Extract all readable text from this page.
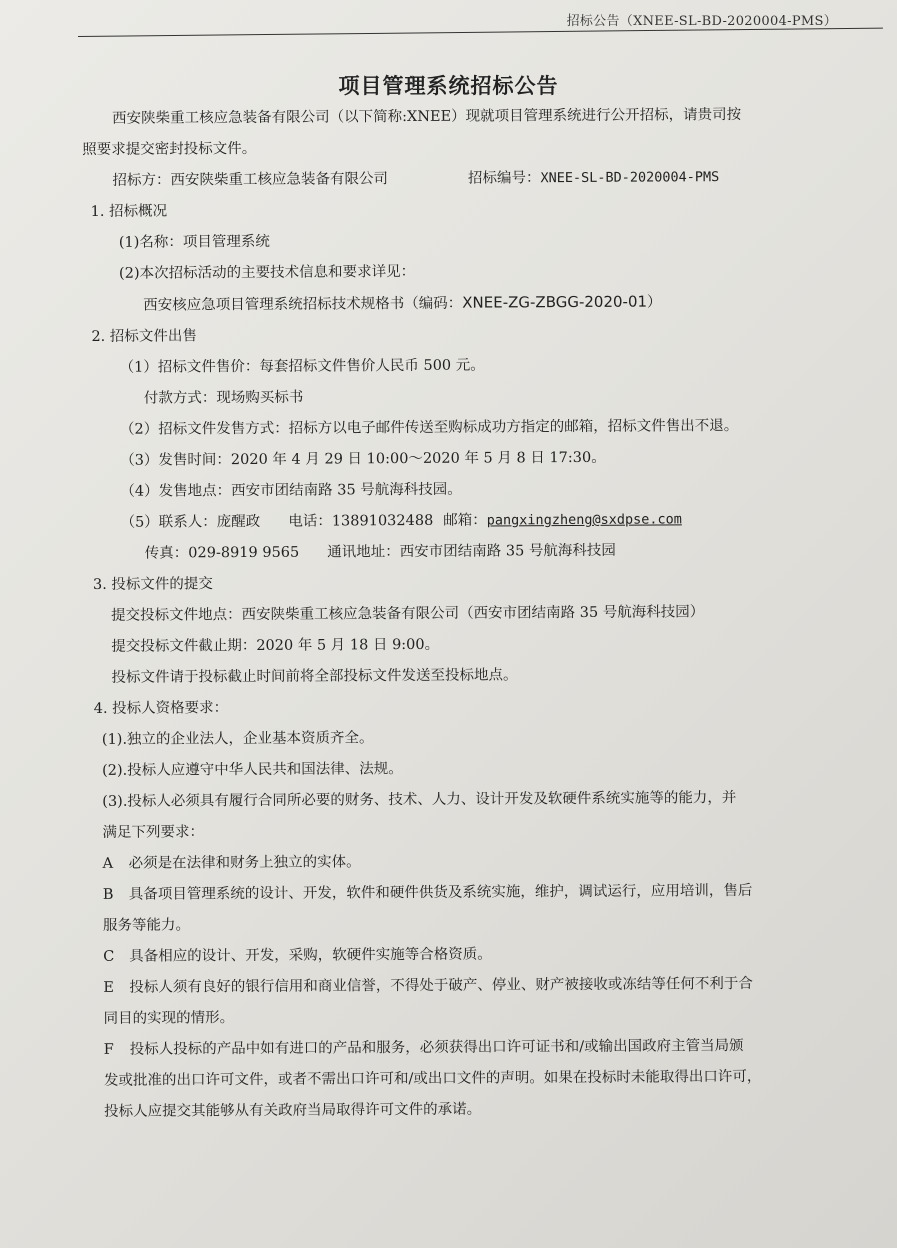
招标公告（XNEE-SL-BD-2020004-PMS）
项目管理系统招标公告
西安陕柴重工核应急装备有限公司（以下简称:XNEE）现就项目管理系统进行公开招标，请贵司按
照要求提交密封投标文件。
招标方：西安陕柴重工核应急装备有限公司	招标编号：XNEE-SL-BD-2020004-PMS
1. 招标概况
(1)名称：项目管理系统
(2)本次招标活动的主要技术信息和要求详见：
西安核应急项目管理系统招标技术规格书（编码：XNEE-ZG-ZBGG-2020-01）
2. 招标文件出售
（1）招标文件售价：每套招标文件售价人民币 500 元。
付款方式：现场购买标书
（2）招标文件发售方式：招标方以电子邮件传送至购标成功方指定的邮箱，招标文件售出不退。
（3）发售时间：2020 年 4 月 29 日 10:00～2020 年 5 月 8 日 17:30。
（4）发售地点：西安市团结南路 35 号航海科技园。
（5）联系人：庞醒政 电话：13891032488 邮箱：pangxingzheng@sxdpse.com
传真：029-8919 9565 通讯地址：西安市团结南路 35 号航海科技园
3. 投标文件的提交
提交投标文件地点：西安陕柴重工核应急装备有限公司（西安市团结南路 35 号航海科技园）
提交投标文件截止期：2020 年 5 月 18 日 9:00。
投标文件请于投标截止时间前将全部投标文件发送至投标地点。
4. 投标人资格要求：
(1).独立的企业法人，企业基本资质齐全。
(2).投标人应遵守中华人民共和国法律、法规。
(3).投标人必须具有履行合同所必要的财务、技术、人力、设计开发及软硬件系统实施等的能力，并
满足下列要求：
A 必须是在法律和财务上独立的实体。
B 具备项目管理系统的设计、开发，软件和硬件供货及系统实施，维护，调试运行，应用培训，售后
服务等能力。
C 具备相应的设计、开发，采购，软硬件实施等合格资质。
E 投标人须有良好的银行信用和商业信誉，不得处于破产、停业、财产被接收或冻结等任何不利于合
同目的实现的情形。
F 投标人投标的产品中如有进口的产品和服务，必须获得出口许可证书和/或输出国政府主管当局颁
发或批准的出口许可文件，或者不需出口许可和/或出口文件的声明。如果在投标时未能取得出口许可，
投标人应提交其能够从有关政府当局取得许可文件的承诺。
